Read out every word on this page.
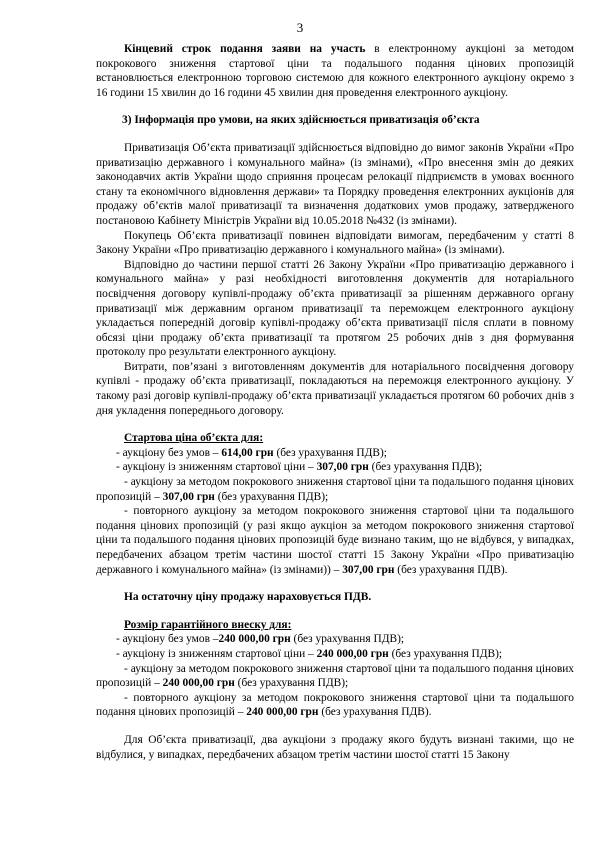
3

Кінцевий строк подання заяви на участь в електронному аукціоні за методом покрокового зниження стартової ціни та подальшого подання цінових пропозицій встановлюється електронною торговою системою для кожного електронного аукціону окремо з 16 години 15 хвилин до 16 години 45 хвилин дня проведення електронного аукціону.

3) Інформація про умови, на яких здійснюється приватизація об’єкта

Приватизація Об’єкта приватизації здійснюється відповідно до вимог законів України «Про приватизацію державного і комунального майна» (із змінами), «Про внесення змін до деяких законодавчих актів України щодо сприяння процесам релокації підприємств в умовах воєнного стану та економічного відновлення держави» та Порядку проведення електронних аукціонів для продажу об’єктів малої приватизації та визначення додаткових умов продажу, затвердженого постановою Кабінету Міністрів України від 10.05.2018 №432 (із змінами).

Покупець Об’єкта приватизації повинен відповідати вимогам, передбаченим у статті 8 Закону України «Про приватизацію державного і комунального майна» (із змінами).

Відповідно до частини першої статті 26 Закону України «Про приватизацію державного і комунального майна» у разі необхідності виготовлення документів для нотаріального посвідчення договору купівлі-продажу об’єкта приватизації за рішенням державного органу приватизації між державним органом приватизації та переможцем електронного аукціону укладається попередній договір купівлі-продажу об’єкта приватизації після сплати в повному обсязі ціни продажу об’єкта приватизації та протягом 25 робочих днів з дня формування протоколу про результати електронного аукціону.

Витрати, пов’язані з виготовленням документів для нотаріального посвідчення договору купівлі - продажу об’єкта приватизації, покладаються на переможця електронного аукціону. У такому разі договір купівлі-продажу об’єкта приватизації укладається протягом 60 робочих днів з дня укладення попереднього договору.

Стартова ціна об’єкта для:

- аукціону без умов – 614,00 грн (без урахування ПДВ);

- аукціону із зниженням стартової ціни – 307,00 грн (без урахування ПДВ);

- аукціону за методом покрокового зниження стартової ціни та подальшого подання цінових пропозицій – 307,00 грн (без урахування ПДВ);

- повторного аукціону за методом покрокового зниження стартової ціни та подальшого подання цінових пропозицій (у разі якщо аукціон за методом покрокового зниження стартової ціни та подальшого подання цінових пропозицій буде визнано таким, що не відбувся, у випадках, передбачених абзацом третім частини шостої статті 15 Закону України «Про приватизацію державного і комунального майна» (із змінами)) – 307,00 грн (без урахування ПДВ).

На остаточну ціну продажу нараховується ПДВ.

Розмір гарантійного внеску для:

- аукціону без умов –240 000,00 грн (без урахування ПДВ);

- аукціону із зниженням стартової ціни – 240 000,00 грн (без урахування ПДВ);

- аукціону за методом покрокового зниження стартової ціни та подальшого подання цінових пропозицій – 240 000,00 грн (без урахування ПДВ);

- повторного аукціону за методом покрокового зниження стартової ціни та подальшого подання цінових пропозицій – 240 000,00 грн (без урахування ПДВ).

Для Об’єкта приватизації, два аукціони з продажу якого будуть визнані такими, що не відбулися, у випадках, передбачених абзацом третім частини шостої статті 15 Закону
